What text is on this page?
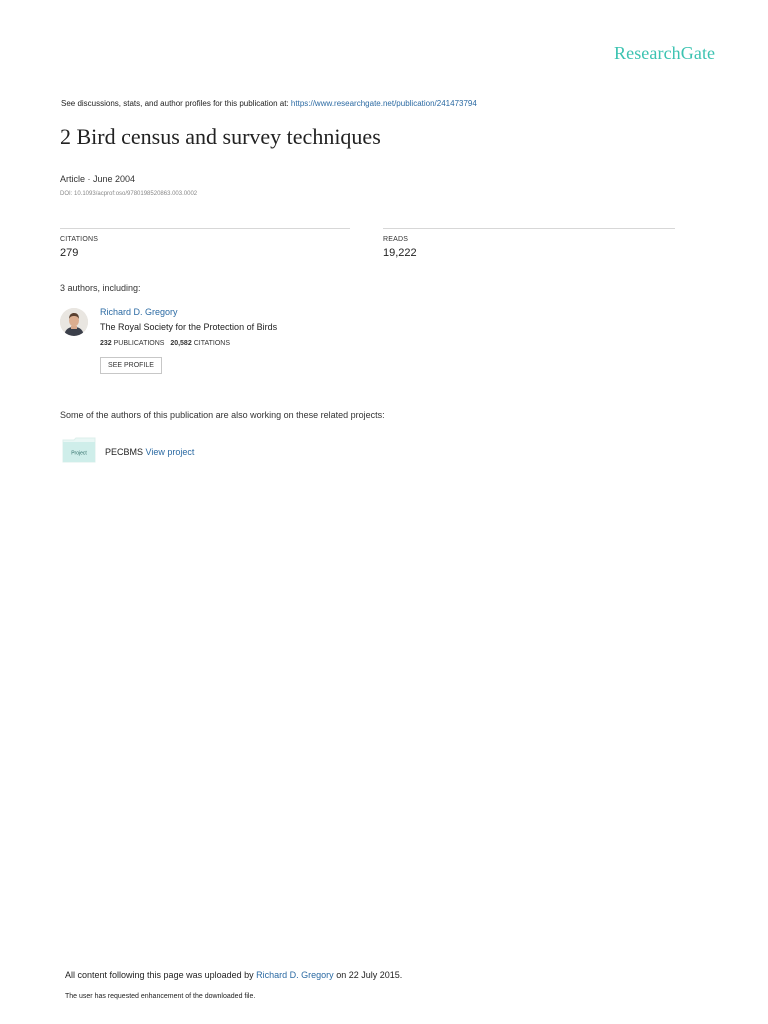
ResearchGate
See discussions, stats, and author profiles for this publication at: https://www.researchgate.net/publication/241473794
2 Bird census and survey techniques
Article · June 2004
DOI: 10.1093/acprof:oso/9780198520863.003.0002
CITATIONS
279
READS
19,222
3 authors, including:
Richard D. Gregory
The Royal Society for the Protection of Birds
232 PUBLICATIONS 20,582 CITATIONS
SEE PROFILE
Some of the authors of this publication are also working on these related projects:
Project PECBMS View project
All content following this page was uploaded by Richard D. Gregory on 22 July 2015.
The user has requested enhancement of the downloaded file.
